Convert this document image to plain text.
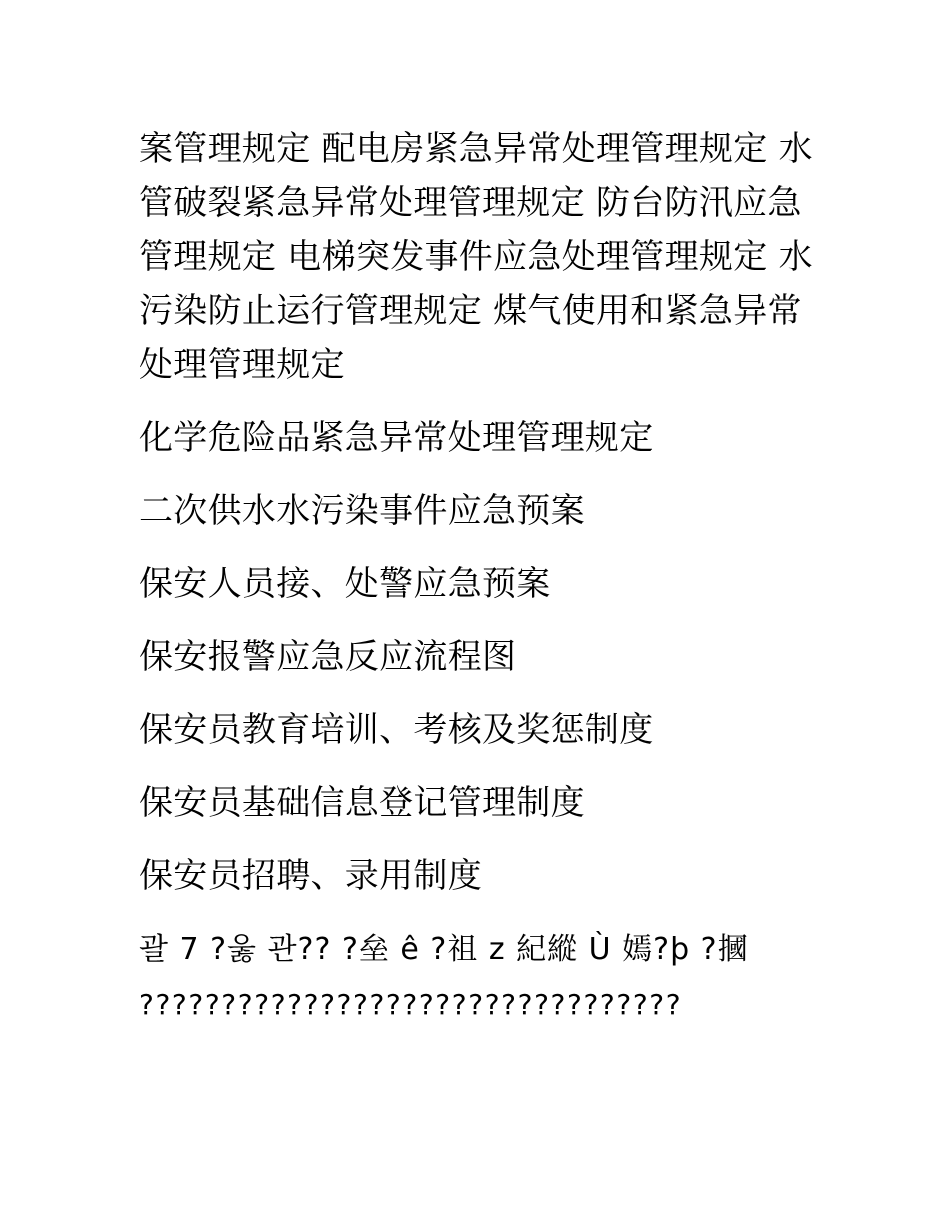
案管理规定 配电房紧急异常处理管理规定 水管破裂紧急异常处理管理规定 防台防汛应急管理规定 电梯突发事件应急处理管理规定 水污染防止运行管理规定 煤气使用和紧急异常处理管理规定

化学危险品紧急异常处理管理规定

二次供水水污染事件应急预案

保安人员接、处警应急预案

保安报警应急反应流程图

保安员教育培训、考核及奖惩制度

保安员基础信息登记管理制度

保安员招聘、录用制度

괄 7 ?욿 관?? ?垒 ê ?祖 z 紀縱 Ù 嫣?þ ?摑

?????????????????????????????????
